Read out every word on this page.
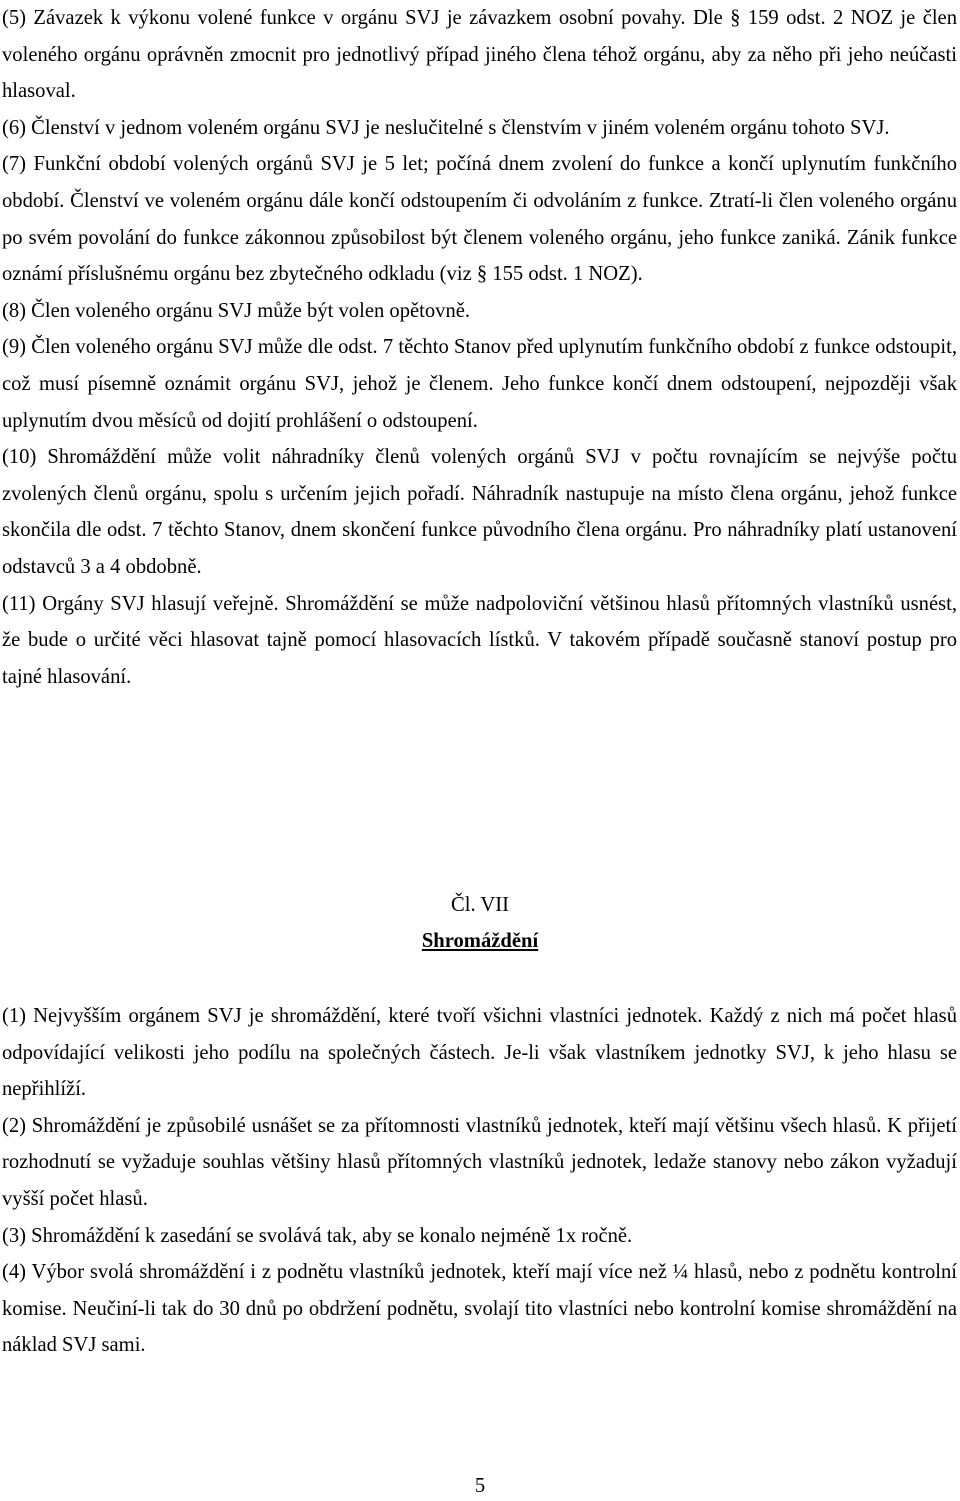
(5) Závazek k výkonu volené funkce v orgánu SVJ je závazkem osobní povahy. Dle § 159 odst. 2 NOZ je člen voleného orgánu oprávněn zmocnit pro jednotlivý případ jiného člena téhož orgánu, aby za něho při jeho neúčasti hlasoval.

(6) Členství v jednom voleném orgánu SVJ je neslučitelné s členstvím v jiném voleném orgánu tohoto SVJ.

(7) Funkční období volených orgánů SVJ je 5 let; počíná dnem zvolení do funkce a končí uplynutím funkčního období. Členství ve voleném orgánu dále končí odstoupením či odvoláním z funkce. Ztratí-li člen voleného orgánu po svém povolání do funkce zákonnou způsobilost být členem voleného orgánu, jeho funkce zaniká. Zánik funkce oznámí příslušnému orgánu bez zbytečného odkladu (viz § 155 odst. 1 NOZ).

(8) Člen voleného orgánu SVJ může být volen opětovně.

(9) Člen voleného orgánu SVJ může dle odst. 7 těchto Stanov před uplynutím funkčního období z funkce odstoupit, což musí písemně oznámit orgánu SVJ, jehož je členem. Jeho funkce končí dnem odstoupení, nejpozději však uplynutím dvou měsíců od dojití prohlášení o odstoupení.

(10) Shromáždění může volit náhradníky členů volených orgánů SVJ v počtu rovnajícím se nejvýše počtu zvolených členů orgánu, spolu s určením jejich pořadí. Náhradník nastupuje na místo člena orgánu, jehož funkce skončila dle odst. 7 těchto Stanov, dnem skončení funkce původního člena orgánu. Pro náhradníky platí ustanovení odstavců 3 a 4 obdobně.

(11) Orgány SVJ hlasují veřejně. Shromáždění se může nadpoloviční většinou hlasů přítomných vlastníků usnést, že bude o určité věci hlasovat tajně pomocí hlasovacích lístků. V takovém případě současně stanoví postup pro tajné hlasování.

Čl. VII
Shromáždění

(1) Nejvyšším orgánem SVJ je shromáždění, které tvoří všichni vlastníci jednotek. Každý z nich má počet hlasů odpovídající velikosti jeho podílu na společných částech. Je-li však vlastníkem jednotky SVJ, k jeho hlasu se nepřihlíží.

(2) Shromáždění je způsobilé usnášet se za přítomnosti vlastníků jednotek, kteří mají většinu všech hlasů. K přijetí rozhodnutí se vyžaduje souhlas většiny hlasů přítomných vlastníků jednotek, ledaže stanovy nebo zákon vyžadují vyšší počet hlasů.

(3) Shromáždění k zasedání se svolává tak, aby se konalo nejméně 1x ročně.

(4) Výbor svolá shromáždění i z podnětu vlastníků jednotek, kteří mají více než ¼ hlasů, nebo z podnětu kontrolní komise. Neučiní-li tak do 30 dnů po obdržení podnětu, svolají tito vlastníci nebo kontrolní komise shromáždění na náklad SVJ sami.

5
